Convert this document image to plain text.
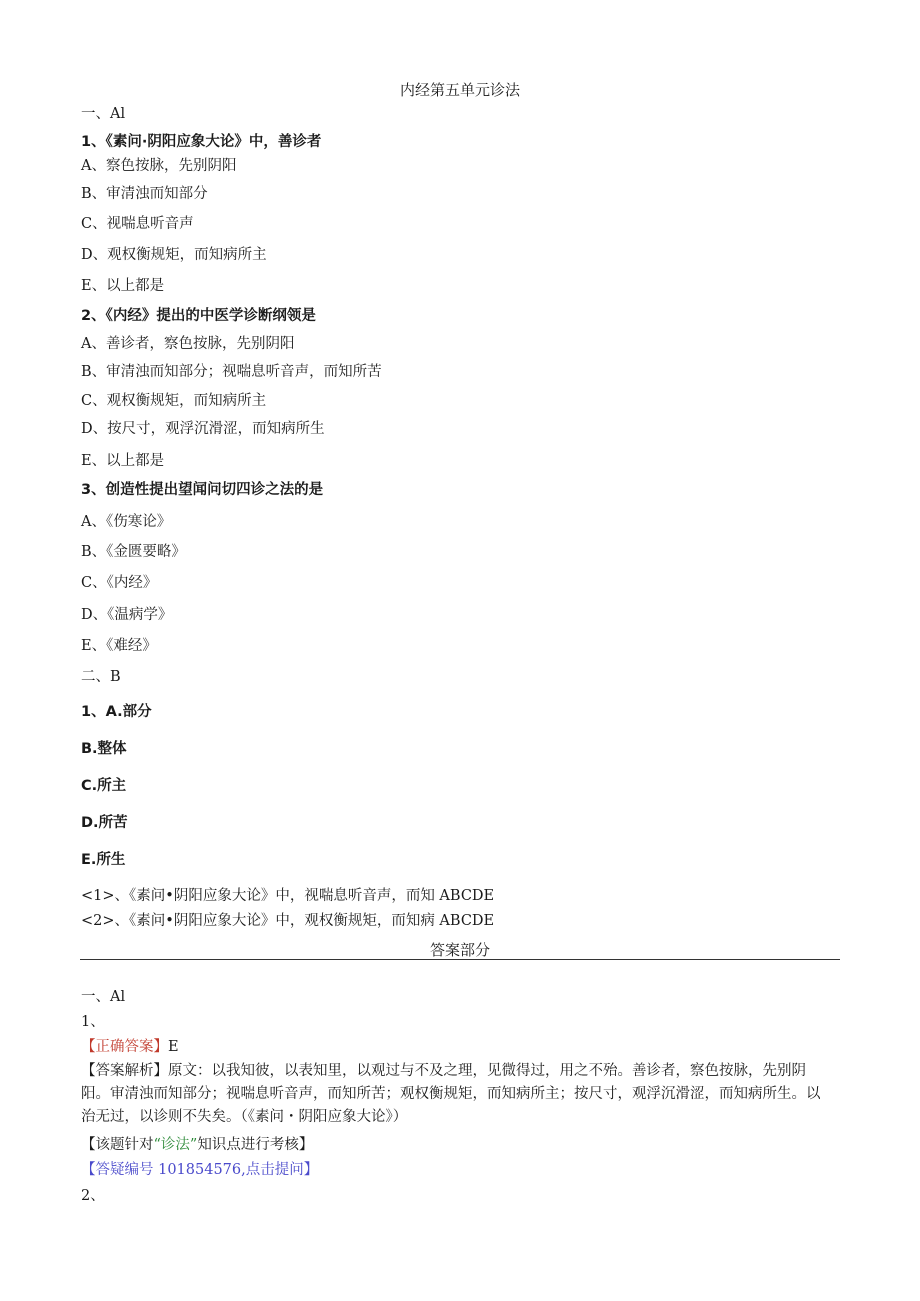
内经第五单元诊法
一、Al
1、《素问·阴阳应象大论》中，善诊者
A、察色按脉，先别阴阳
B、审清浊而知部分
C、视喘息听音声
D、观权衡规矩，而知病所主
E、以上都是
2、《内经》提出的中医学诊断纲领是
A、善诊者，察色按脉，先别阴阳
B、审清浊而知部分；视喘息听音声，而知所苦
C、观权衡规矩，而知病所主
D、按尺寸，观浮沉滑涩，而知病所生
E、以上都是
3、创造性提出望闻问切四诊之法的是
A、《伤寒论》
B、《金匮要略》
C、《内经》
D、《温病学》
E、《难经》
二、B
1、A.部分
B.整体
C.所主
D.所苦
E.所生
<1>、《素问•阴阳应象大论》中，视喘息听音声，而知 ABCDE
<2>、《素问•阴阳应象大论》中，观权衡规矩，而知病 ABCDE
答案部分
一、Al
1、
【正确答案】E
【答案解析】原文：以我知彼，以表知里，以观过与不及之理，见微得过，用之不殆。善诊者，察色按脉，先别阴阳。审清浊而知部分；视喘息听音声，而知所苦；观权衡规矩，而知病所主；按尺寸，观浮沉滑涩，而知病所生。以治无过，以诊则不失矣。（《素问・阴阳应象大论》）
【该题针对“诊法”知识点进行考核】
【答疑编号 101854576,点击提问】
2、
